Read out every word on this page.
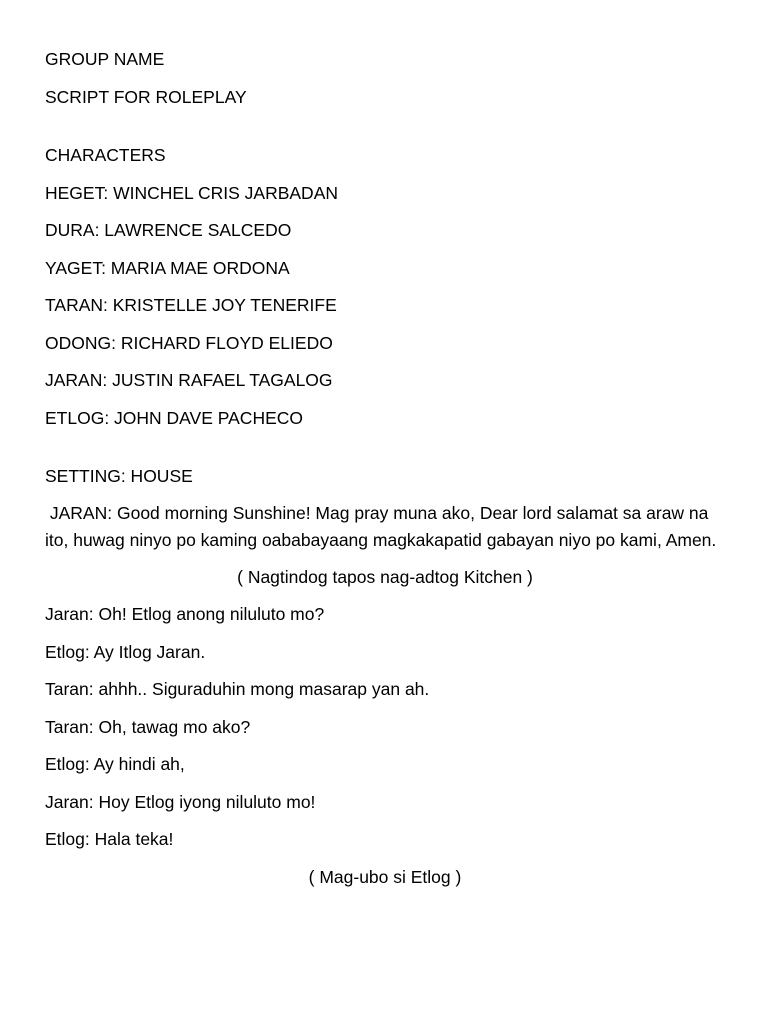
GROUP NAME
SCRIPT FOR ROLEPLAY
CHARACTERS
HEGET: WINCHEL CRIS JARBADAN
DURA: LAWRENCE SALCEDO
YAGET: MARIA MAE ORDONA
TARAN: KRISTELLE JOY TENERIFE
ODONG: RICHARD FLOYD ELIEDO
JARAN: JUSTIN RAFAEL TAGALOG
ETLOG: JOHN DAVE PACHECO
SETTING: HOUSE
JARAN: Good morning Sunshine! Mag pray muna ako, Dear lord salamat sa araw na ito, huwag ninyo po kaming oababayaang magkakapatid gabayan niyo po kami, Amen.
( Nagtindog tapos nag-adtog Kitchen )
Jaran: Oh! Etlog anong niluluto mo?
Etlog: Ay Itlog Jaran.
Taran: ahhh.. Siguraduhin mong masarap yan ah.
Taran: Oh, tawag mo ako?
Etlog: Ay hindi ah,
Jaran: Hoy Etlog iyong niluluto mo!
Etlog: Hala teka!
( Mag-ubo si Etlog )
